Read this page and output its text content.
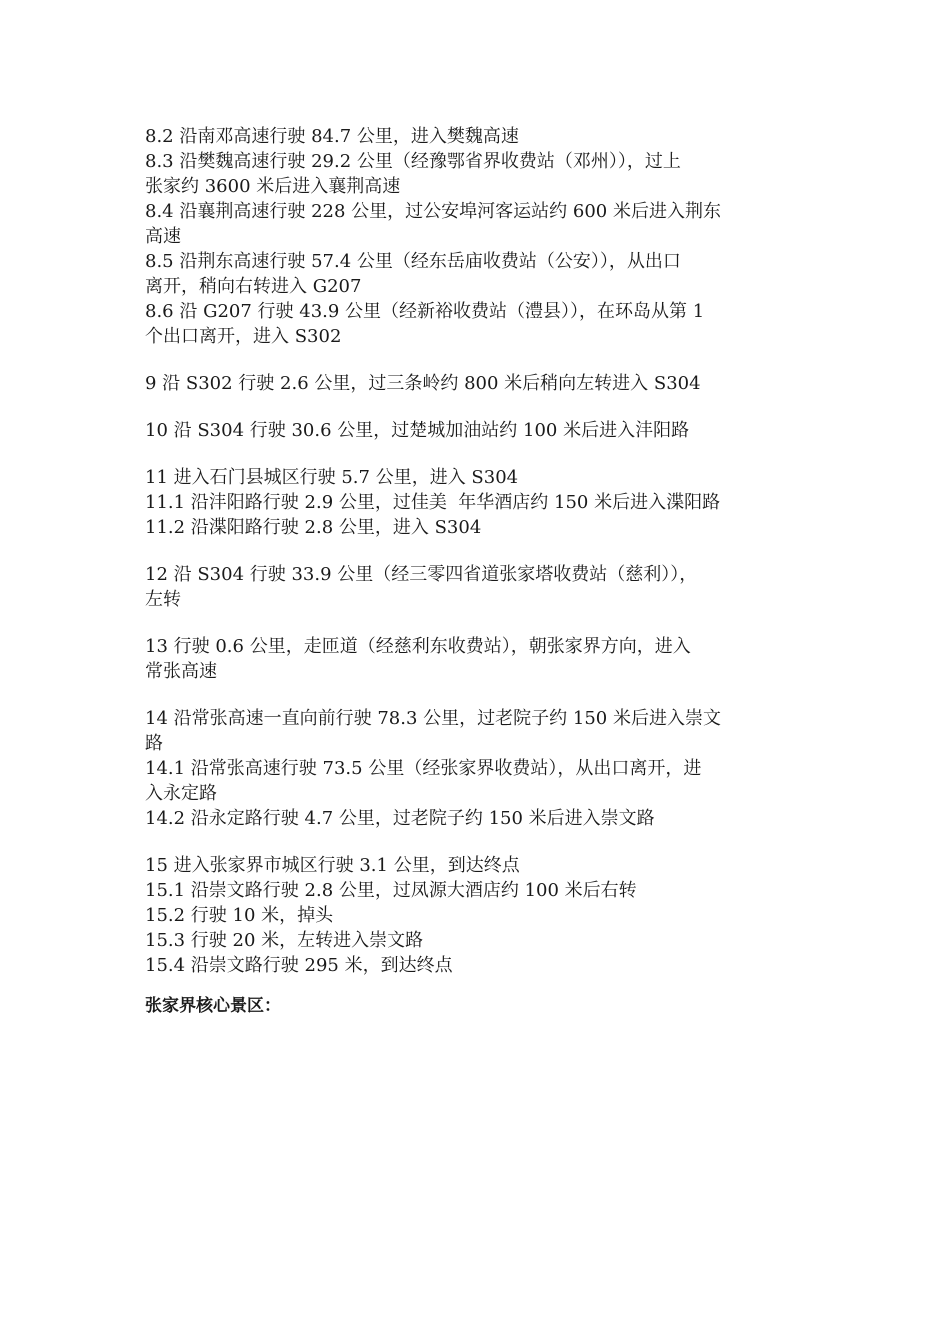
8.2 沿南邓高速行驶 84.7 公里，进入樊魏高速

8.3 沿樊魏高速行驶 29.2 公里（经豫鄂省界收费站（邓州）），过上

张家约 3600 米后进入襄荆高速

8.4 沿襄荆高速行驶 228 公里，过公安埠河客运站约 600 米后进入荆东

高速

8.5 沿荆东高速行驶 57.4 公里（经东岳庙收费站（公安）），从出口

离开，稍向右转进入 G207

8.6 沿 G207 行驶 43.9 公里（经新裕收费站（澧县）），在环岛从第 1

个出口离开，进入 S302

9 沿 S302 行驶 2.6 公里，过三条岭约 800 米后稍向左转进入 S304

10 沿 S304 行驶 30.6 公里，过楚城加油站约 100 米后进入沣阳路

11 进入石门县城区行驶 5.7 公里，进入 S304

11.1 沿沣阳路行驶 2.9 公里，过佳美  年华酒店约 150 米后进入渫阳路

11.2 沿渫阳路行驶 2.8 公里，进入 S304

12 沿 S304 行驶 33.9 公里（经三零四省道张家塔收费站（慈利）），

左转

13 行驶 0.6 公里，走匝道（经慈利东收费站），朝张家界方向，进入

常张高速

14 沿常张高速一直向前行驶 78.3 公里，过老院子约 150 米后进入崇文

路

14.1 沿常张高速行驶 73.5 公里（经张家界收费站），从出口离开，进

入永定路

14.2 沿永定路行驶 4.7 公里，过老院子约 150 米后进入崇文路

15 进入张家界市城区行驶 3.1 公里，到达终点

15.1 沿崇文路行驶 2.8 公里，过凤源大酒店约 100 米后右转

15.2 行驶 10 米，掉头

15.3 行驶 20 米，左转进入崇文路

15.4 沿崇文路行驶 295 米，到达终点

张家界核心景区：
